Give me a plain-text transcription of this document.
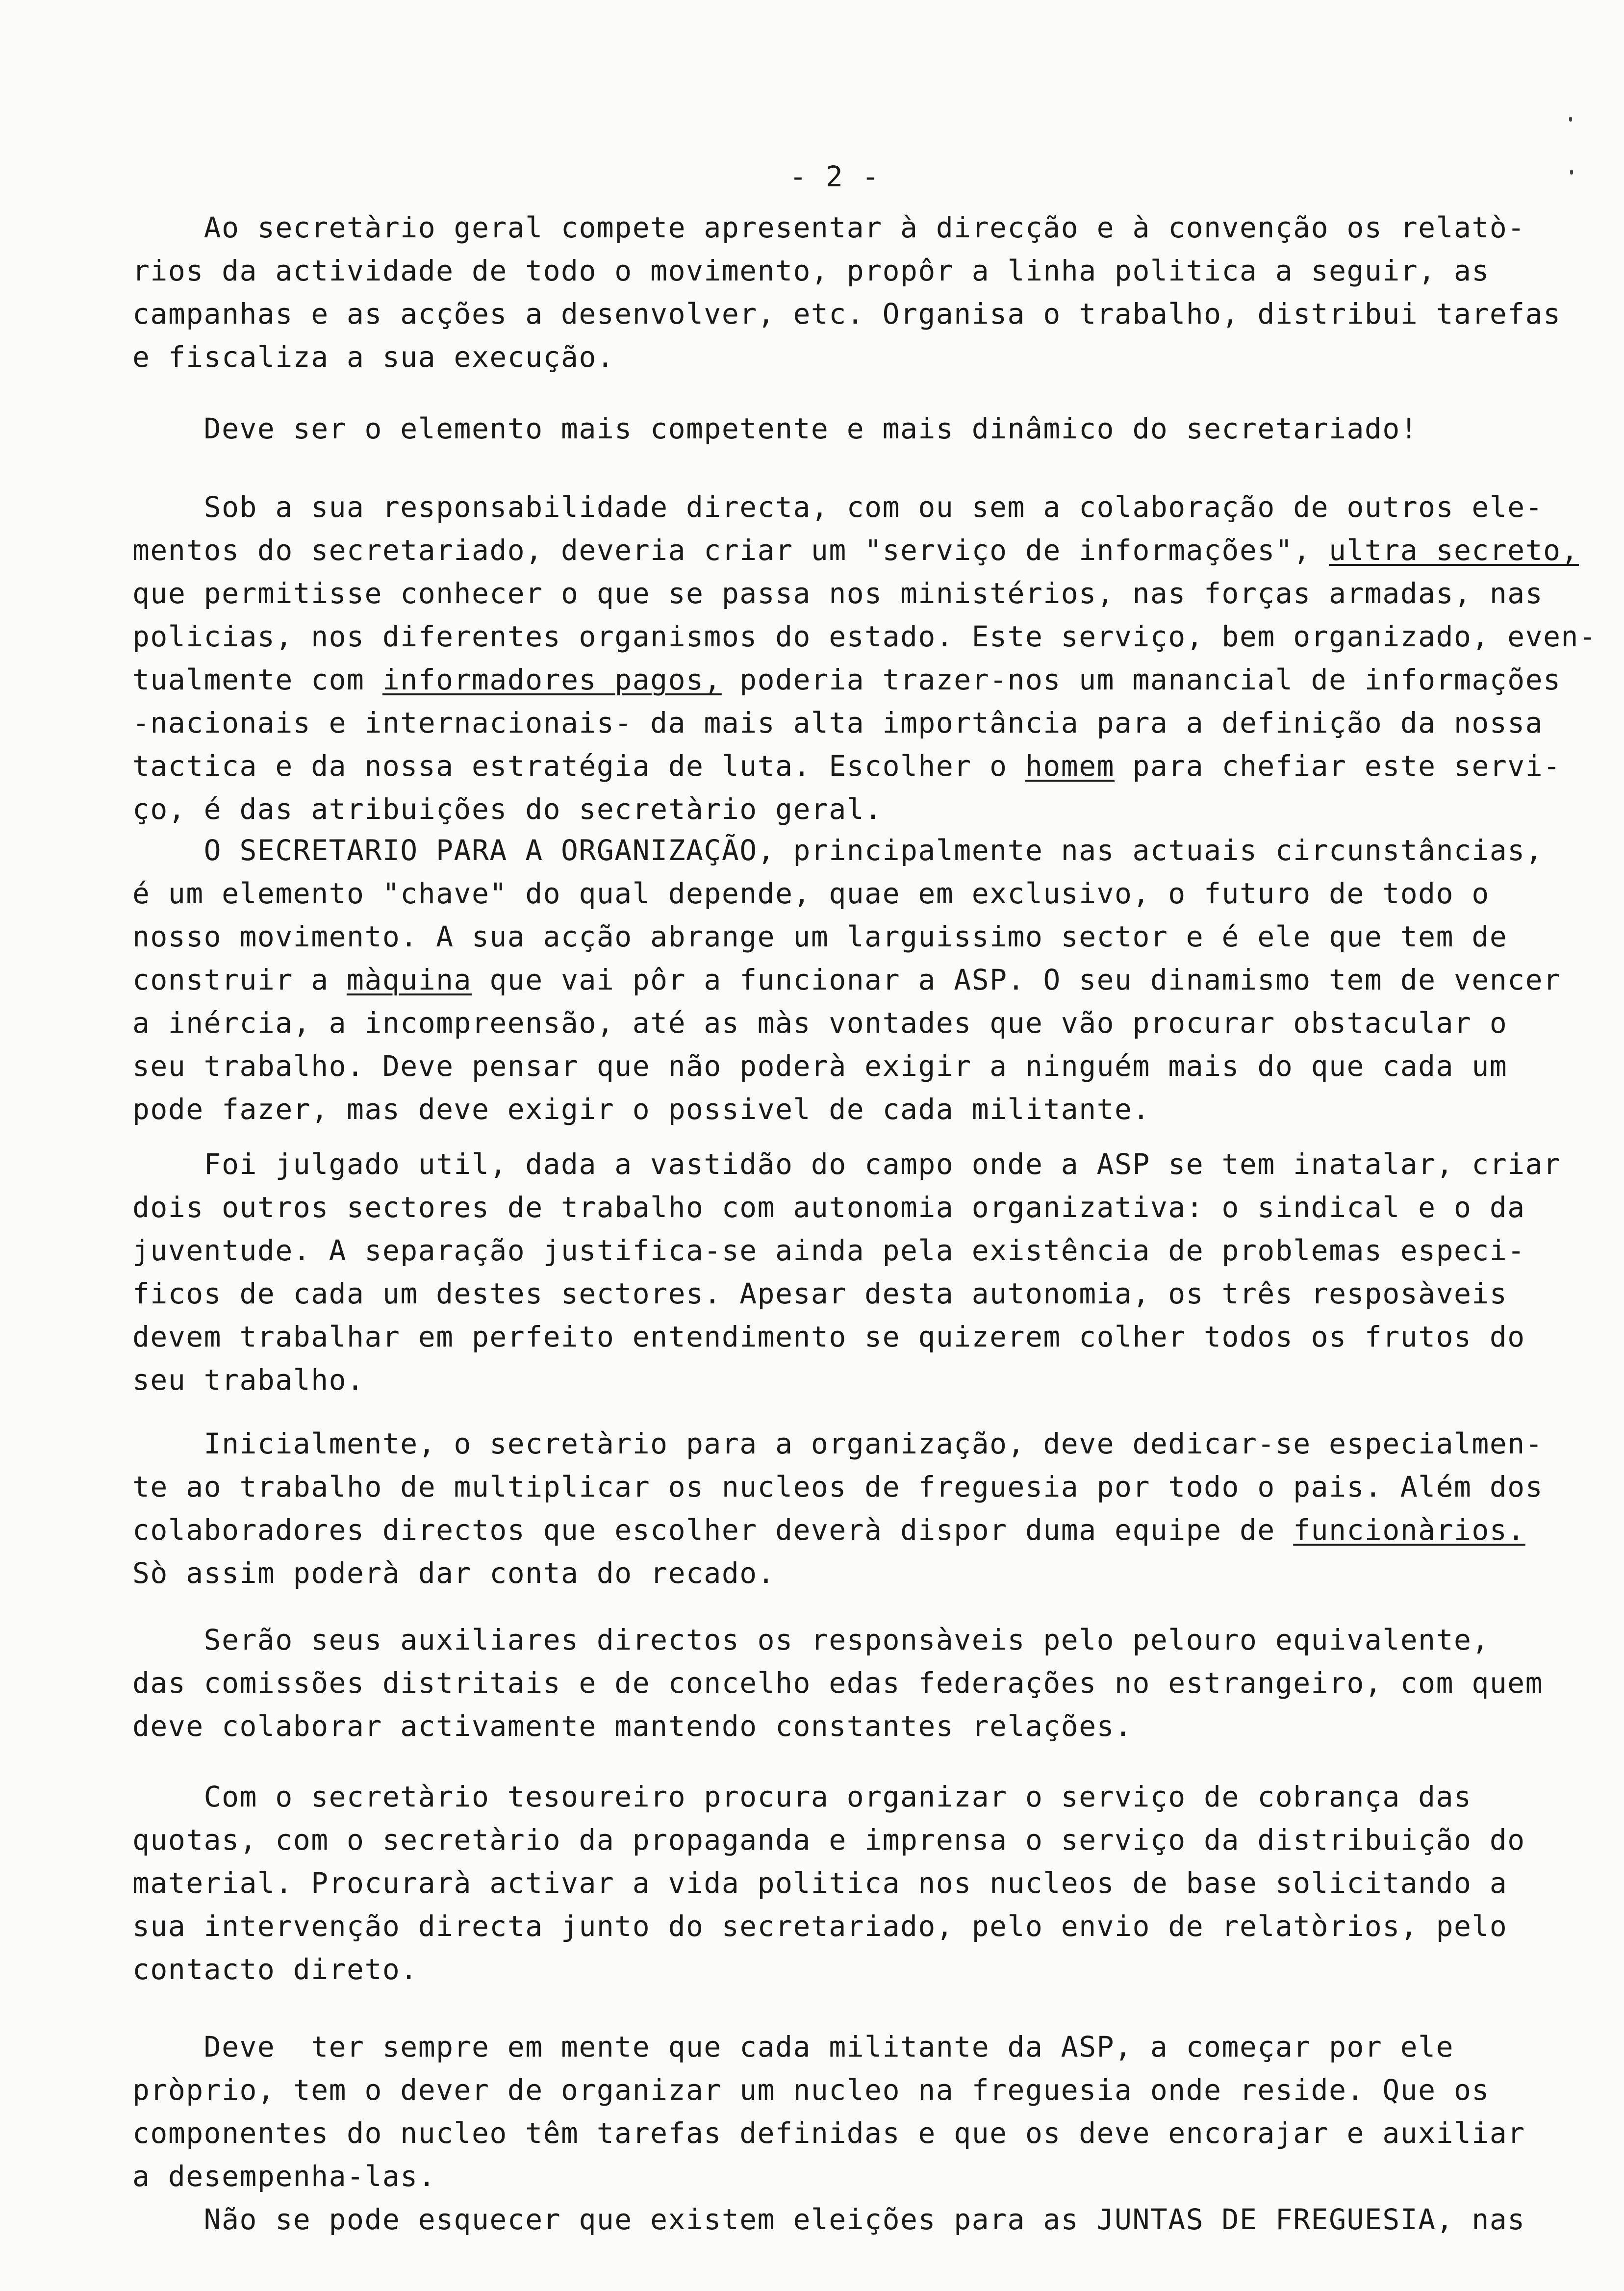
- 2 -
Ao secretàrio geral compete apresentar à direcção e à convenção os relatò-
rios da actividade de todo o movimento, propôr a linha politica a seguir, as
campanhas e as acções a desenvolver, etc. Organisa o trabalho, distribui tarefas
e fiscaliza a sua execução.
Deve ser o elemento mais competente e mais dinâmico do secretariado!
Sob a sua responsabilidade directa, com ou sem a colaboração de outros ele-
mentos do secretariado, deveria criar um "serviço de informações", ultra secreto,
que permitisse conhecer o que se passa nos ministérios, nas forças armadas, nas
policias, nos diferentes organismos do estado. Este serviço, bem organizado, even-
tualmente com informadores pagos, poderia trazer-nos um manancial de informações
-nacionais e internacionais- da mais alta importância para a definição da nossa
tactica e da nossa estratégia de luta. Escolher o homem para chefiar este servi-
ço, é das atribuições do secretàrio geral.
O SECRETARIO PARA A ORGANIZAÇÃO, principalmente nas actuais circunstâncias,
é um elemento "chave" do qual depende, quae em exclusivo, o futuro de todo o
nosso movimento. A sua acção abrange um larguissimo sector e é ele que tem de
construir a màquina que vai pôr a funcionar a ASP. O seu dinamismo tem de vencer
a inércia, a incompreensão, até as màs vontades que vão procurar obstacular o
seu trabalho. Deve pensar que não poderà exigir a ninguém mais do que cada um
pode fazer, mas deve exigir o possivel de cada militante.
Foi julgado util, dada a vastidão do campo onde a ASP se tem inatalar, criar
dois outros sectores de trabalho com autonomia organizativa: o sindical e o da
juventude. A separação justifica-se ainda pela existência de problemas especi-
ficos de cada um destes sectores. Apesar desta autonomia, os três resposàveis
devem trabalhar em perfeito entendimento se quizerem colher todos os frutos do
seu trabalho.
Inicialmente, o secretàrio para a organização, deve dedicar-se especialmen-
te ao trabalho de multiplicar os nucleos de freguesia por todo o pais. Além dos
colaboradores directos que escolher deverà dispor duma equipe de funcionàrios.
Sò assim poderà dar conta do recado.
Serão seus auxiliares directos os responsàveis pelo pelouro equivalente,
das comissões distritais e de concelho edas federações no estrangeiro, com quem
deve colaborar activamente mantendo constantes relações.
Com o secretàrio tesoureiro procura organizar o serviço de cobrança das
quotas, com o secretàrio da propaganda e imprensa o serviço da distribuição do
material. Procurarà activar a vida politica nos nucleos de base solicitando a
sua intervenção directa junto do secretariado, pelo envio de relatòrios, pelo
contacto direto.
Deve  ter sempre em mente que cada militante da ASP, a começar por ele
pròprio, tem o dever de organizar um nucleo na freguesia onde reside. Que os
componentes do nucleo têm tarefas definidas e que os deve encorajar e auxiliar
a desempenha-las.
Não se pode esquecer que existem eleições para as JUNTAS DE FREGUESIA, nas
